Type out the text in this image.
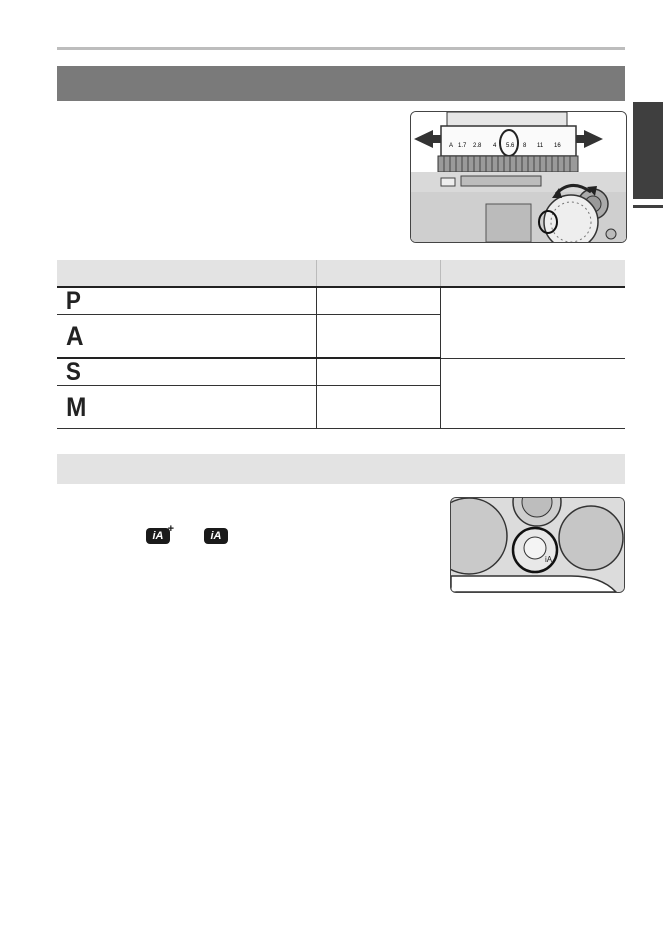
A 1.7 2.8 4 5.6 8 11 16

P		
A		
S		
M		
iA +	iA
iA
